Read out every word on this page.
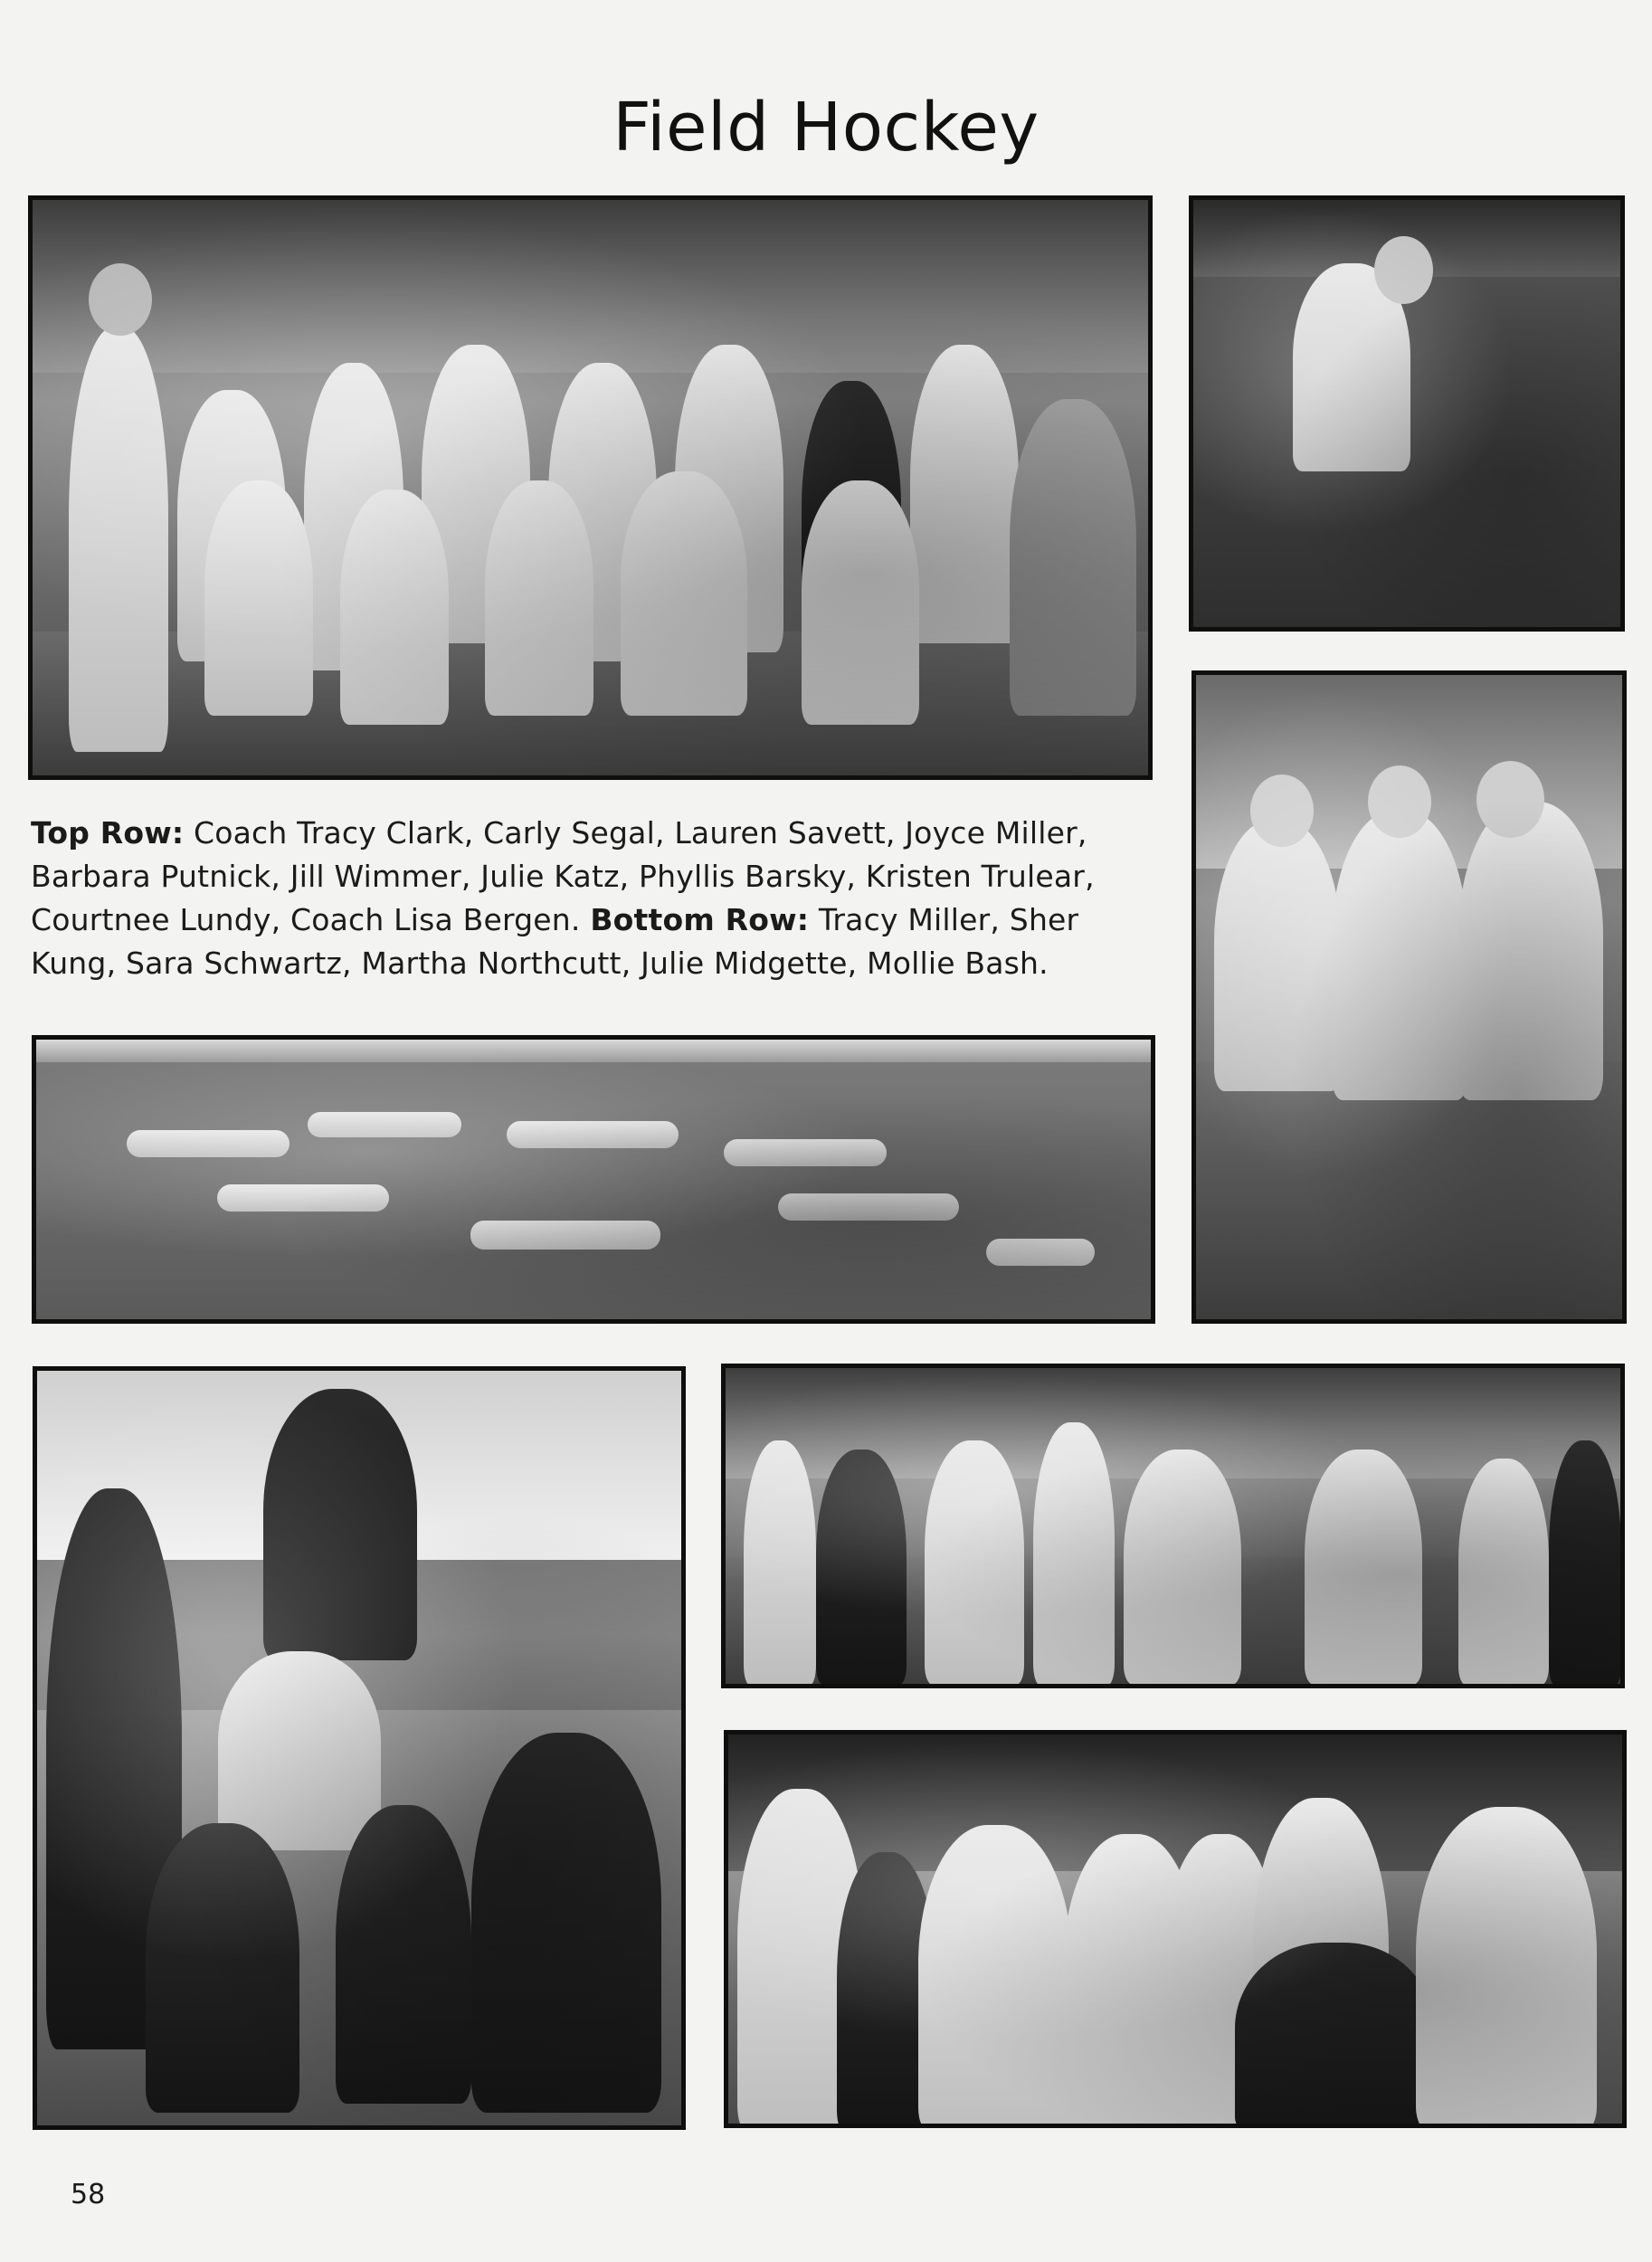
Field Hockey
Top Row: Coach Tracy Clark, Carly Segal, Lauren Savett, Joyce Miller, Barbara Putnick, Jill Wimmer, Julie Katz, Phyllis Barsky, Kristen Trulear, Courtnee Lundy, Coach Lisa Bergen. Bottom Row: Tracy Miller, Sher Kung, Sara Schwartz, Martha Northcutt, Julie Midgette, Mollie Bash.
58
